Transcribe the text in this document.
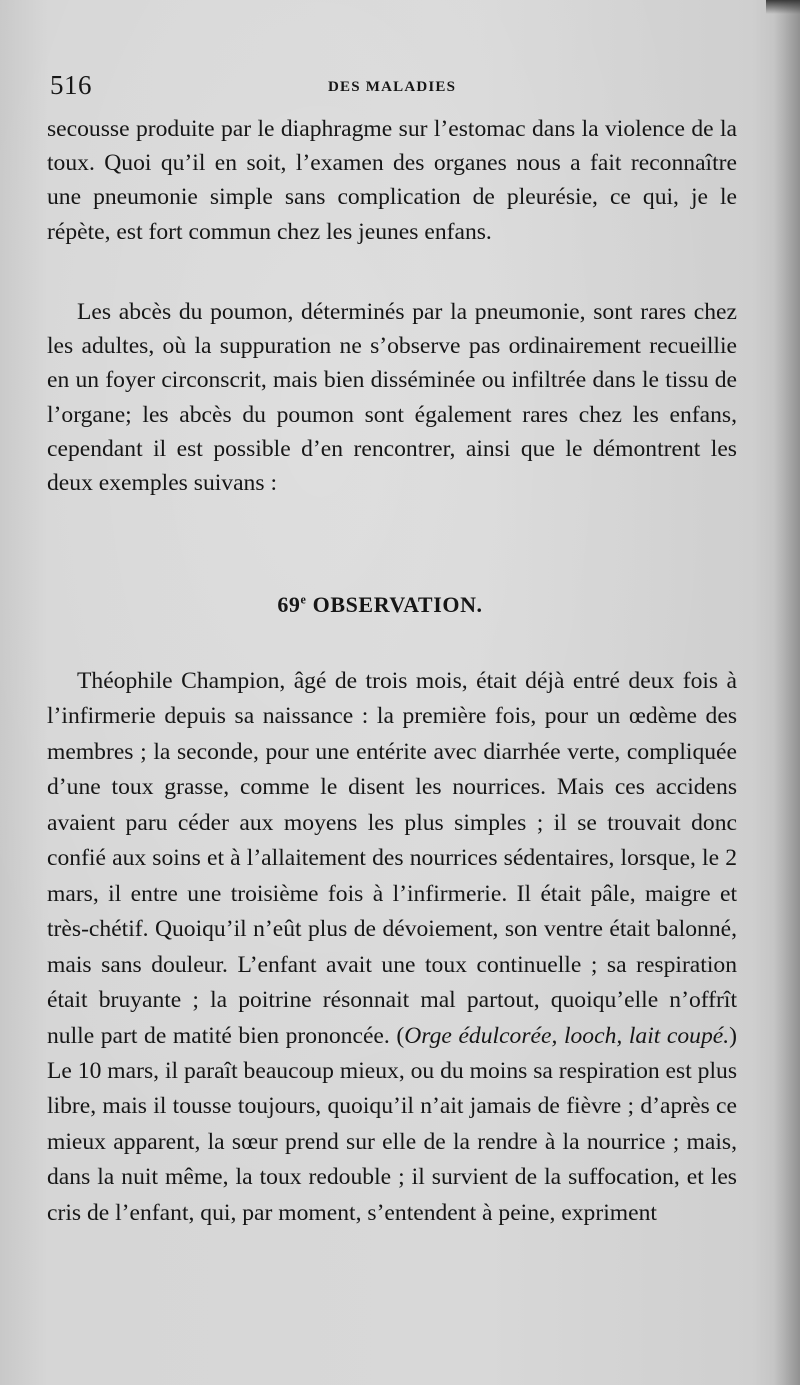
516	DES MALADIES

secousse produite par le diaphragme sur l’estomac dans la violence de la toux. Quoi qu’il en soit, l’examen des organes nous a fait reconnaître une pneumonie simple sans complication de pleurésie, ce qui, je le répète, est fort commun chez les jeunes enfans.

Les abcès du poumon, déterminés par la pneumonie, sont rares chez les adultes, où la suppuration ne s’observe pas ordinairement recueillie en un foyer circonscrit, mais bien disséminée ou infiltrée dans le tissu de l’organe; les abcès du poumon sont également rares chez les enfans, cependant il est possible d’en rencontrer, ainsi que le démontrent les deux exemples suivans :

69e OBSERVATION.

Théophile Champion, âgé de trois mois, était déjà entré deux fois à l’infirmerie depuis sa naissance : la première fois, pour un œdème des membres ; la seconde, pour une entérite avec diarrhée verte, compliquée d’une toux grasse, comme le disent les nourrices. Mais ces accidens avaient paru céder aux moyens les plus simples ; il se trouvait donc confié aux soins et à l’allaitement des nourrices sédentaires, lorsque, le 2 mars, il entre une troisième fois à l’infirmerie. Il était pâle, maigre et très-chétif. Quoiqu’il n’eût plus de dévoiement, son ventre était balonné, mais sans douleur. L’enfant avait une toux continuelle ; sa respiration était bruyante ; la poitrine résonnait mal partout, quoiqu’elle n’offrît nulle part de matité bien prononcée. (Orge édulcorée, looch, lait coupé.) Le 10 mars, il paraît beaucoup mieux, ou du moins sa respiration est plus libre, mais il tousse toujours, quoiqu’il n’ait jamais de fièvre ; d’après ce mieux apparent, la sœur prend sur elle de la rendre à la nourrice ; mais, dans la nuit même, la toux redouble ; il survient de la suffocation, et les cris de l’enfant, qui, par moment, s’entendent à peine, expriment
